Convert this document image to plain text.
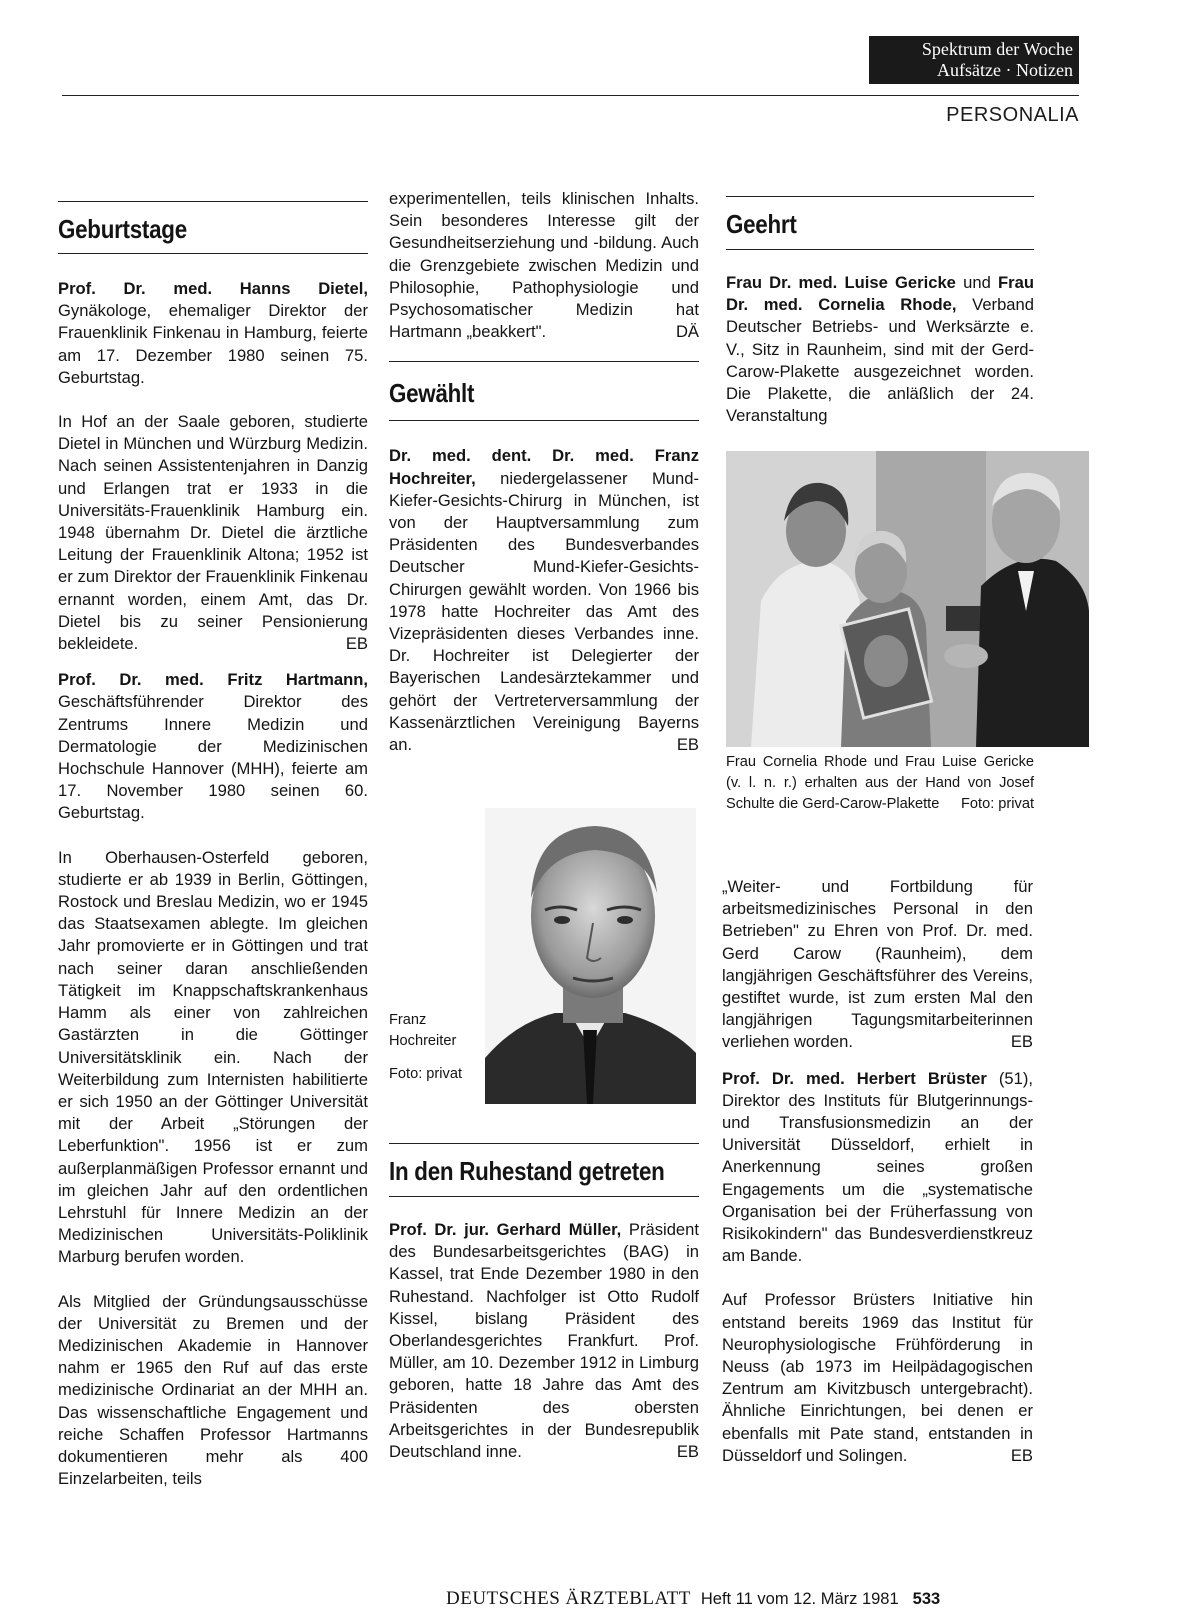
Spektrum der Woche
Aufsätze · Notizen
PERSONALIA
Geburtstage

Prof. Dr. med. Hanns Dietel, Gynäkologe, ehemaliger Direktor der Frauenklinik Finkenau in Hamburg, feierte am 17. Dezember 1980 seinen 75. Geburtstag.

In Hof an der Saale geboren, studierte Dietel in München und Würzburg Medizin. Nach seinen Assistentenjahren in Danzig und Erlangen trat er 1933 in die Universitäts-Frauenklinik Hamburg ein. 1948 übernahm Dr. Dietel die ärztliche Leitung der Frauenklinik Altona; 1952 ist er zum Direktor der Frauenklinik Finkenau ernannt worden, einem Amt, das Dr. Dietel bis zu seiner Pensionierung bekleidete.	EB

Prof. Dr. med. Fritz Hartmann, Geschäftsführender Direktor des Zentrums Innere Medizin und Dermatologie der Medizinischen Hochschule Hannover (MHH), feierte am 17. November 1980 seinen 60. Geburtstag.

In Oberhausen-Osterfeld geboren, studierte er ab 1939 in Berlin, Göttingen, Rostock und Breslau Medizin, wo er 1945 das Staatsexamen ablegte. Im gleichen Jahr promovierte er in Göttingen und trat nach seiner daran anschließenden Tätigkeit im Knappschaftskrankenhaus Hamm als einer von zahlreichen Gastärzten in die Göttinger Universitätsklinik ein. Nach der Weiterbildung zum Internisten habilitierte er sich 1950 an der Göttinger Universität mit der Arbeit „Störungen der Leberfunktion". 1956 ist er zum außerplanmäßigen Professor ernannt und im gleichen Jahr auf den ordentlichen Lehrstuhl für Innere Medizin an der Medizinischen Universitäts-Poliklinik Marburg berufen worden.

Als Mitglied der Gründungsausschüsse der Universität zu Bremen und der Medizinischen Akademie in Hannover nahm er 1965 den Ruf auf das erste medizinische Ordinariat an der MHH an. Das wissenschaftliche Engagement und reiche Schaffen Professor Hartmanns dokumentieren mehr als 400 Einzelarbeiten, teils

experimentellen, teils klinischen Inhalts. Sein besonderes Interesse gilt der Gesundheitserziehung und -bildung. Auch die Grenzgebiete zwischen Medizin und Philosophie, Pathophysiologie und Psychosomatischer Medizin hat Hartmann „beakkert".	DÄ

Gewählt

Dr. med. dent. Dr. med. Franz Hochreiter, niedergelassener Mund-Kiefer-Gesichts-Chirurg in München, ist von der Hauptversammlung zum Präsidenten des Bundesverbandes Deutscher Mund-Kiefer-Gesichts-Chirurgen gewählt worden. Von 1966 bis 1978 hatte Hochreiter das Amt des Vizepräsidenten dieses Verbandes inne. Dr. Hochreiter ist Delegierter der Bayerischen Landesärztekammer und gehört der Vertreterversammlung der Kassenärztlichen Vereinigung Bayerns an.	EB

Franz Hochreiter
Foto: privat
In den Ruhestand getreten

Prof. Dr. jur. Gerhard Müller, Präsident des Bundesarbeitsgerichtes (BAG) in Kassel, trat Ende Dezember 1980 in den Ruhestand. Nachfolger ist Otto Rudolf Kissel, bislang Präsident des Oberlandesgerichtes Frankfurt. Prof. Müller, am 10. Dezember 1912 in Limburg geboren, hatte 18 Jahre das Amt des Präsidenten des obersten Arbeitsgerichtes in der Bundesrepublik Deutschland inne.	EB

Geehrt

Frau Dr. med. Luise Gericke und Frau Dr. med. Cornelia Rhode, Verband Deutscher Betriebs- und Werksärzte e. V., Sitz in Raunheim, sind mit der Gerd-Carow-Plakette ausgezeichnet worden. Die Plakette, die anläßlich der 24. Veranstaltung

Frau Cornelia Rhode und Frau Luise Gericke (v. l. n. r.) erhalten aus der Hand von Josef Schulte die Gerd-Carow-Plakette	Foto: privat

„Weiter- und Fortbildung für arbeitsmedizinisches Personal in den Betrieben" zu Ehren von Prof. Dr. med. Gerd Carow (Raunheim), dem langjährigen Geschäftsführer des Vereins, gestiftet wurde, ist zum ersten Mal den langjährigen Tagungsmitarbeiterinnen verliehen worden.	EB

Prof. Dr. med. Herbert Brüster (51), Direktor des Instituts für Blutgerinnungs- und Transfusionsmedizin an der Universität Düsseldorf, erhielt in Anerkennung seines großen Engagements um die „systematische Organisation bei der Früherfassung von Risikokindern" das Bundesverdienstkreuz am Bande.

Auf Professor Brüsters Initiative hin entstand bereits 1969 das Institut für Neurophysiologische Frühförderung in Neuss (ab 1973 im Heilpädagogischen Zentrum am Kivitzbusch untergebracht). Ähnliche Einrichtungen, bei denen er ebenfalls mit Pate stand, entstanden in Düsseldorf und Solingen.	EB

DEUTSCHES ÄRZTEBLATT Heft 11 vom 12. März 1981 533
